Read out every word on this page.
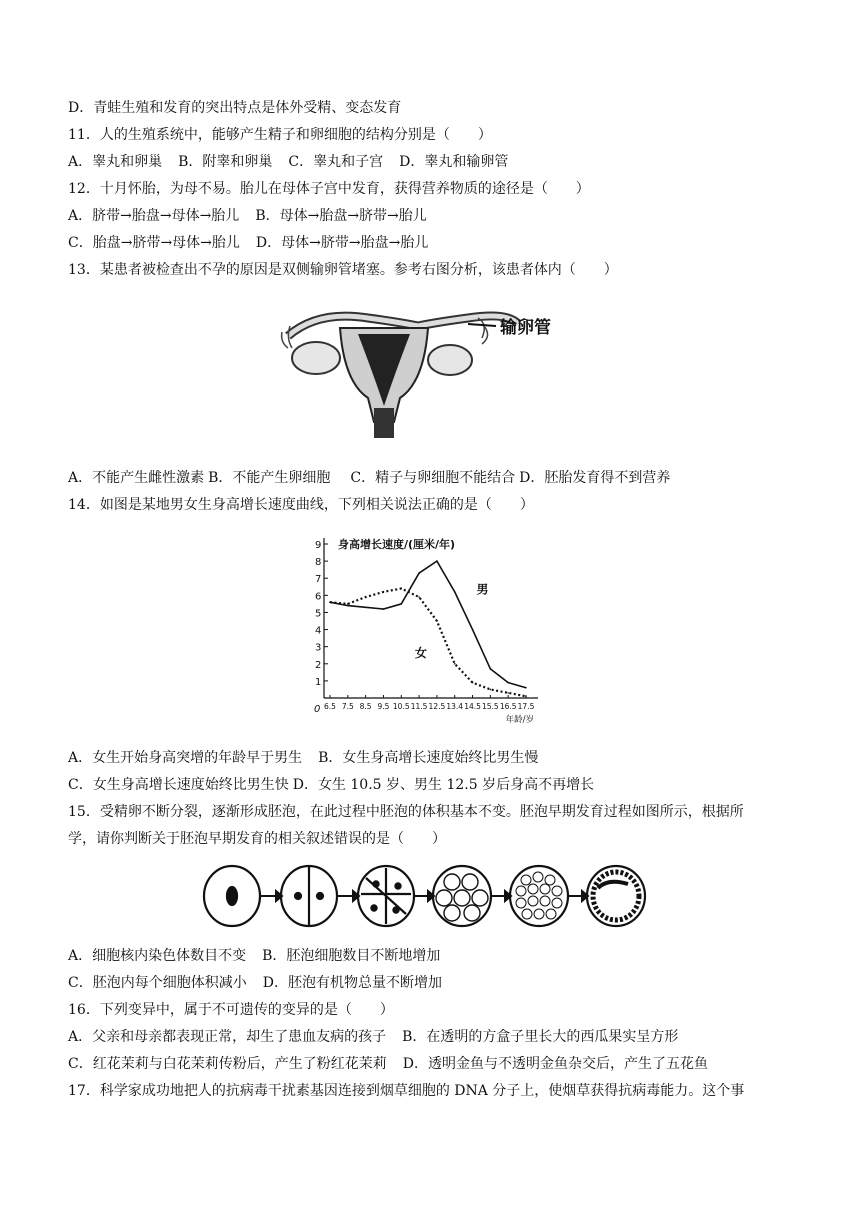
D．青蛙生殖和发育的突出特点是体外受精、变态发育
11．人的生殖系统中，能够产生精子和卵细胞的结构分别是（　　）
A．睾丸和卵巢 B．附睾和卵巢 C．睾丸和子宫 D．睾丸和输卵管
12．十月怀胎，为母不易。胎儿在母体子宫中发育，获得营养物质的途径是（　　）
A．脐带→胎盘→母体→胎儿 B．母体→胎盘→脐带→胎儿
C．胎盘→脐带→母体→胎儿 D．母体→脐带→胎盘→胎儿
13．某患者被检查出不孕的原因是双侧输卵管堵塞。参考右图分析，该患者体内（　　）
输卵管
A．不能产生雌性激素 B．不能产生卵细胞 C．精子与卵细胞不能结合 D．胚胎发育得不到营养
14．如图是某地男女生身高增长速度曲线，下列相关说法正确的是（　　）
身高增长速度/(厘米/年)
0
1
2
3
4
5
6
7
8
9
6.5 7.5 8.5 9.5 10.5 11.5 12.5 13.4 14.5 15.5 16.5 17.5
年龄/岁
男
女
A．女生开始身高突增的年龄早于男生 B．女生身高增长速度始终比男生慢
C．女生身高增长速度始终比男生快 D．女生 10.5 岁、男生 12.5 岁后身高不再增长
15．受精卵不断分裂，逐渐形成胚泡，在此过程中胚泡的体积基本不变。胚泡早期发育过程如图所示，根据所
学，请你判断关于胚泡早期发育的相关叙述错误的是（　　）
A．细胞核内染色体数目不变 B．胚泡细胞数目不断地增加
C．胚泡内每个细胞体积减小 D．胚泡有机物总量不断增加
16．下列变异中，属于不可遗传的变异的是（　　）
A．父亲和母亲都表现正常，却生了患血友病的孩子 B．在透明的方盒子里长大的西瓜果实呈方形
C．红花茉莉与白花茉莉传粉后，产生了粉红花茉莉 D．透明金鱼与不透明金鱼杂交后，产生了五花鱼
17．科学家成功地把人的抗病毒干扰素基因连接到烟草细胞的 DNA 分子上，使烟草获得抗病毒能力。这个事
